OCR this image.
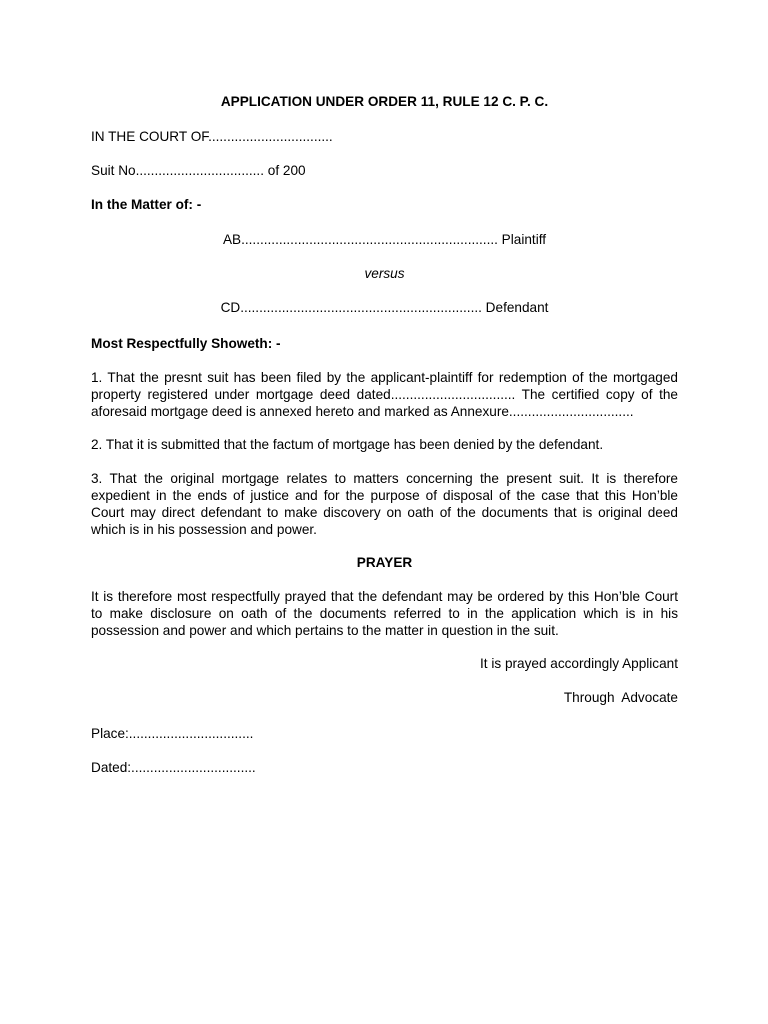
APPLICATION UNDER ORDER 11, RULE 12 C. P. C.

IN THE COURT OF.................................

Suit No.................................. of 200

In the Matter of: -

AB.................................................................... Plaintiff

versus

CD................................................................ Defendant

Most Respectfully Showeth: -

1. That the presnt suit has been filed by the applicant-plaintiff for redemption of the mortgaged
property registered under mortgage deed dated................................. The certified copy of the
aforesaid mortgage deed is annexed hereto and marked as Annexure.................................

2. That it is submitted that the factum of mortgage has been denied by the defendant.

3. That the original mortgage relates to matters concerning the present suit. It is therefore
expedient in the ends of justice and for the purpose of disposal of the case that this Hon’ble
Court may direct defendant to make discovery on oath of the documents that is original deed
which is in his possession and power.

PRAYER

It is therefore most respectfully prayed that the defendant may be ordered by this Hon’ble Court
to make disclosure on oath of the documents referred to in the application which is in his
possession and power and which pertains to the matter in question in the suit.

It is prayed accordingly Applicant

Through  Advocate

Place:.................................

Dated:.................................
